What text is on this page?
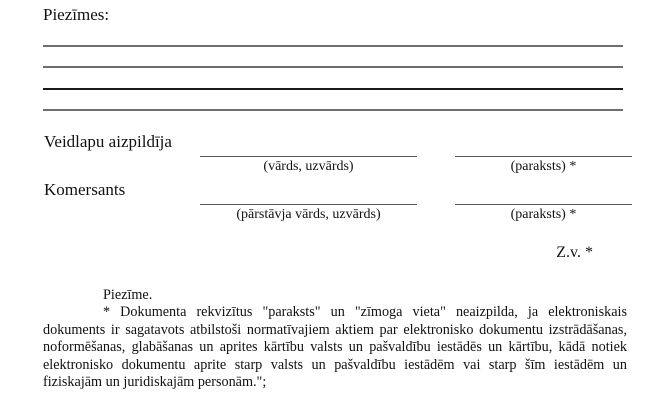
Piezīmes:
Veidlapu aizpildīja
(vārds, uzvārds)	(paraksts) *
Komersants
(pārstāvja vārds, uzvārds)	(paraksts) *
Z.v. *
Piezīme.
* Dokumenta rekvizītus "paraksts" un "zīmoga vieta" neaizpilda, ja elektroniskais dokuments ir sagatavots atbilstoši normatīvajiem aktiem par elektronisko dokumentu izstrādāšanas, noformēšanas, glabāšanas un aprites kārtību valsts un pašvaldību iestādēs un kārtību, kādā notiek elektronisko dokumentu aprite starp valsts un pašvaldību iestādēm vai starp šīm iestādēm un fiziskajām un juridiskajām personām.";
